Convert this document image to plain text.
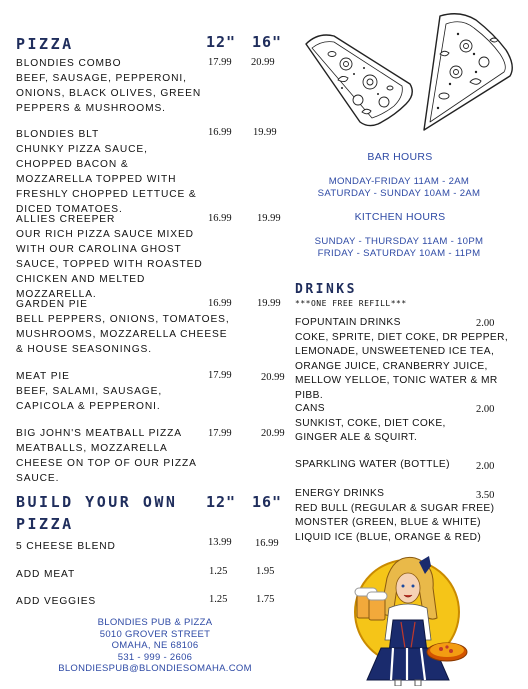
PIZZA	12" 16"
BLONDIES COMBO
BEEF, SAUSAGE, PEPPERONI, ONIONS, BLACK OLIVES, GREEN PEPPERS & MUSHROOMS.
17.99 20.99
BLONDIES BLT
CHUNKY PIZZA SAUCE, CHOPPED BACON & MOZZARELLA TOPPED WITH FRESHLY CHOPPED LETTUCE & DICED TOMATOES.
16.99 19.99
ALLIES CREEPER
OUR RICH PIZZA SAUCE MIXED WITH OUR CAROLINA GHOST SAUCE, TOPPED WITH ROASTED CHICKEN AND MELTED MOZZARELLA.
16.99 19.99
GARDEN PIE
BELL PEPPERS, ONIONS, TOMATOES, MUSHROOMS, MOZZARELLA CHEESE & HOUSE SEASONINGS.
16.99 19.99
MEAT PIE
BEEF, SALAMI, SAUSAGE, CAPICOLA & PEPPERONI.
17.99	20.99
BIG JOHN'S MEATBALL PIZZA
MEATBALLS, MOZZARELLA CHEESE ON TOP OF OUR PIZZA SAUCE.
17.99	20.99
BUILD YOUR OWN
PIZZA
12" 16"
5 CHEESE BLEND	13.99 16.99
ADD MEAT	1.25	1.95
ADD VEGGIES	1.25	1.75
BLONDIES PUB & PIZZA
5010 GROVER STREET
OMAHA, NE 68106
531 - 999 - 2606
BLONDIESPUB@BLONDIESOMAHA.COM
BAR HOURS
MONDAY-FRIDAY 11AM - 2AM
SATURDAY - SUNDAY 10AM - 2AM
KITCHEN HOURS
SUNDAY - THURSDAY 11AM - 10PM
FRIDAY - SATURDAY 10AM - 11PM
DRINKS
***ONE FREE REFILL***
FOPUNTAIN DRINKS
COKE, SPRITE, DIET COKE, DR PEPPER, LEMONADE, UNSWEETENED ICE TEA, ORANGE JUICE, CRANBERRY JUICE, MELLOW YELLOE, TONIC WATER & MR PIBB.
2.00
CANS
SUNKIST, COKE, DIET COKE, GINGER ALE & SQUIRT.
2.00
SPARKLING WATER (BOTTLE) 2.00
ENERGY DRINKS
RED BULL (REGULAR & SUGAR FREE) MONSTER (GREEN, BLUE & WHITE) LIQUID ICE (BLUE, ORANGE & RED)
3.50
